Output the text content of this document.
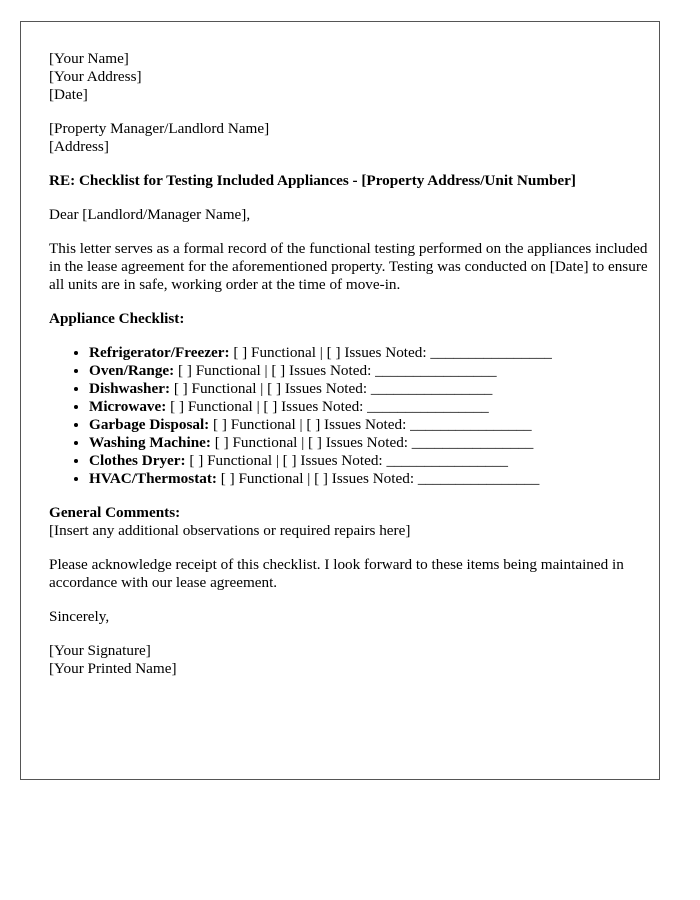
[Your Name]
[Your Address]
[Date]
[Property Manager/Landlord Name]
[Address]
RE: Checklist for Testing Included Appliances - [Property Address/Unit Number]
Dear [Landlord/Manager Name],

This letter serves as a formal record of the functional testing performed on the appliances included in the lease agreement for the aforementioned property. Testing was conducted on [Date] to ensure all units are in safe, working order at the time of move-in.

Appliance Checklist:
• Refrigerator/Freezer: [ ] Functional | [ ] Issues Noted: ________________
• Oven/Range: [ ] Functional | [ ] Issues Noted: ________________
• Dishwasher: [ ] Functional | [ ] Issues Noted: ________________
• Microwave: [ ] Functional | [ ] Issues Noted: ________________
• Garbage Disposal: [ ] Functional | [ ] Issues Noted: ________________
• Washing Machine: [ ] Functional | [ ] Issues Noted: ________________
• Clothes Dryer: [ ] Functional | [ ] Issues Noted: ________________
• HVAC/Thermostat: [ ] Functional | [ ] Issues Noted: ________________
General Comments:
[Insert any additional observations or required repairs here]

Please acknowledge receipt of this checklist. I look forward to these items being maintained in accordance with our lease agreement.

Sincerely,
[Your Signature]
[Your Printed Name]
